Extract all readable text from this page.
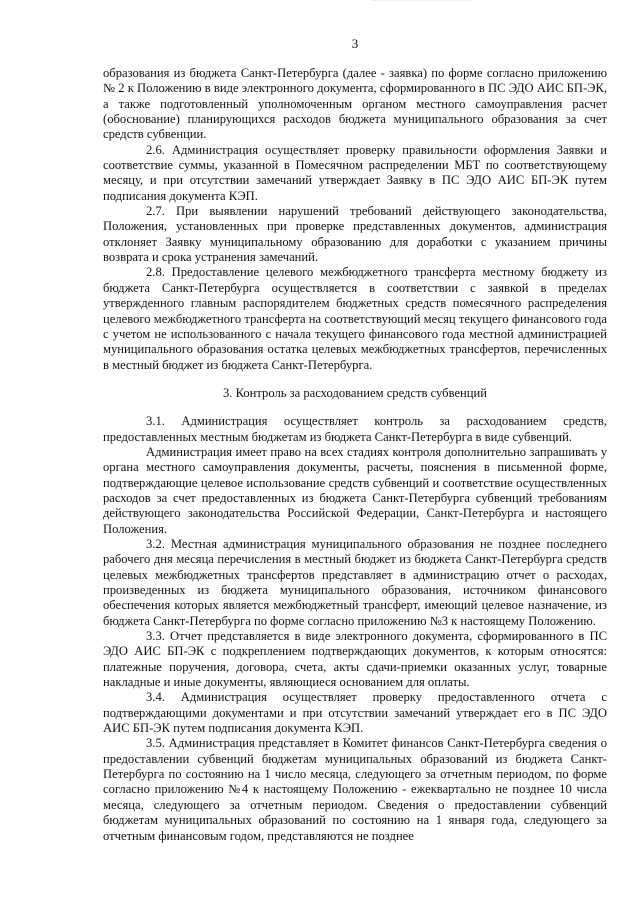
3

образования из бюджета Санкт-Петербурга (далее - заявка) по форме согласно приложению № 2 к Положению в виде электронного документа, сформированного в ПС ЭДО АИС БП-ЭК, а также подготовленный уполномоченным органом местного самоуправления расчет (обоснование) планирующихся расходов бюджета муниципального образования за счет средств субвенции.

2.6. Администрация осуществляет проверку правильности оформления Заявки и соответствие суммы, указанной в Помесячном распределении МБТ по соответствующему месяцу, и при отсутствии замечаний утверждает Заявку в ПС ЭДО АИС БП-ЭК путем подписания документа КЭП.

2.7. При выявлении нарушений требований действующего законодательства, Положения, установленных при проверке представленных документов, администрация отклоняет Заявку муниципальному образованию для доработки с указанием причины возврата и срока устранения замечаний.

2.8. Предоставление целевого межбюджетного трансферта местному бюджету из бюджета Санкт-Петербурга осуществляется в соответствии с заявкой в пределах утвержденного главным распорядителем бюджетных средств помесячного распределения целевого межбюджетного трансферта на соответствующий месяц текущего финансового года с учетом не использованного с начала текущего финансового года местной администрацией муниципального образования остатка целевых межбюджетных трансфертов, перечисленных в местный бюджет из бюджета Санкт-Петербурга.

3. Контроль за расходованием средств субвенций

3.1. Администрация осуществляет контроль за расходованием средств, предоставленных местным бюджетам из бюджета Санкт-Петербурга в виде субвенций.

Администрация имеет право на всех стадиях контроля дополнительно запрашивать у органа местного самоуправления документы, расчеты, пояснения в письменной форме, подтверждающие целевое использование средств субвенций и соответствие осуществленных расходов за счет предоставленных из бюджета Санкт-Петербурга субвенций требованиям действующего законодательства Российской Федерации, Санкт-Петербурга и настоящего Положения.

3.2. Местная администрация муниципального образования не позднее последнего рабочего дня месяца перечисления в местный бюджет из бюджета Санкт-Петербурга средств целевых межбюджетных трансфертов представляет в администрацию отчет о расходах, произведенных из бюджета муниципального образования, источником финансового обеспечения которых является межбюджетный трансферт, имеющий целевое назначение, из бюджета Санкт-Петербурга по форме согласно приложению №3 к настоящему Положению.

3.3. Отчет представляется в виде электронного документа, сформированного в ПС ЭДО АИС БП-ЭК с подкреплением подтверждающих документов, к которым относятся: платежные поручения, договора, счета, акты сдачи-приемки оказанных услуг, товарные накладные и иные документы, являющиеся основанием для оплаты.

3.4. Администрация осуществляет проверку предоставленного отчета с подтверждающими документами и при отсутствии замечаний утверждает его в ПС ЭДО АИС БП-ЭК путем подписания документа КЭП.

3.5. Администрация представляет в Комитет финансов Санкт-Петербурга сведения о предоставлении субвенций бюджетам муниципальных образований из бюджета Санкт-Петербурга по состоянию на 1 число месяца, следующего за отчетным периодом, по форме согласно приложению №4 к настоящему Положению - ежеквартально не позднее 10 числа месяца, следующего за отчетным периодом. Сведения о предоставлении субвенций бюджетам муниципальных образований по состоянию на 1 января года, следующего за отчетным финансовым годом, представляются не позднее
